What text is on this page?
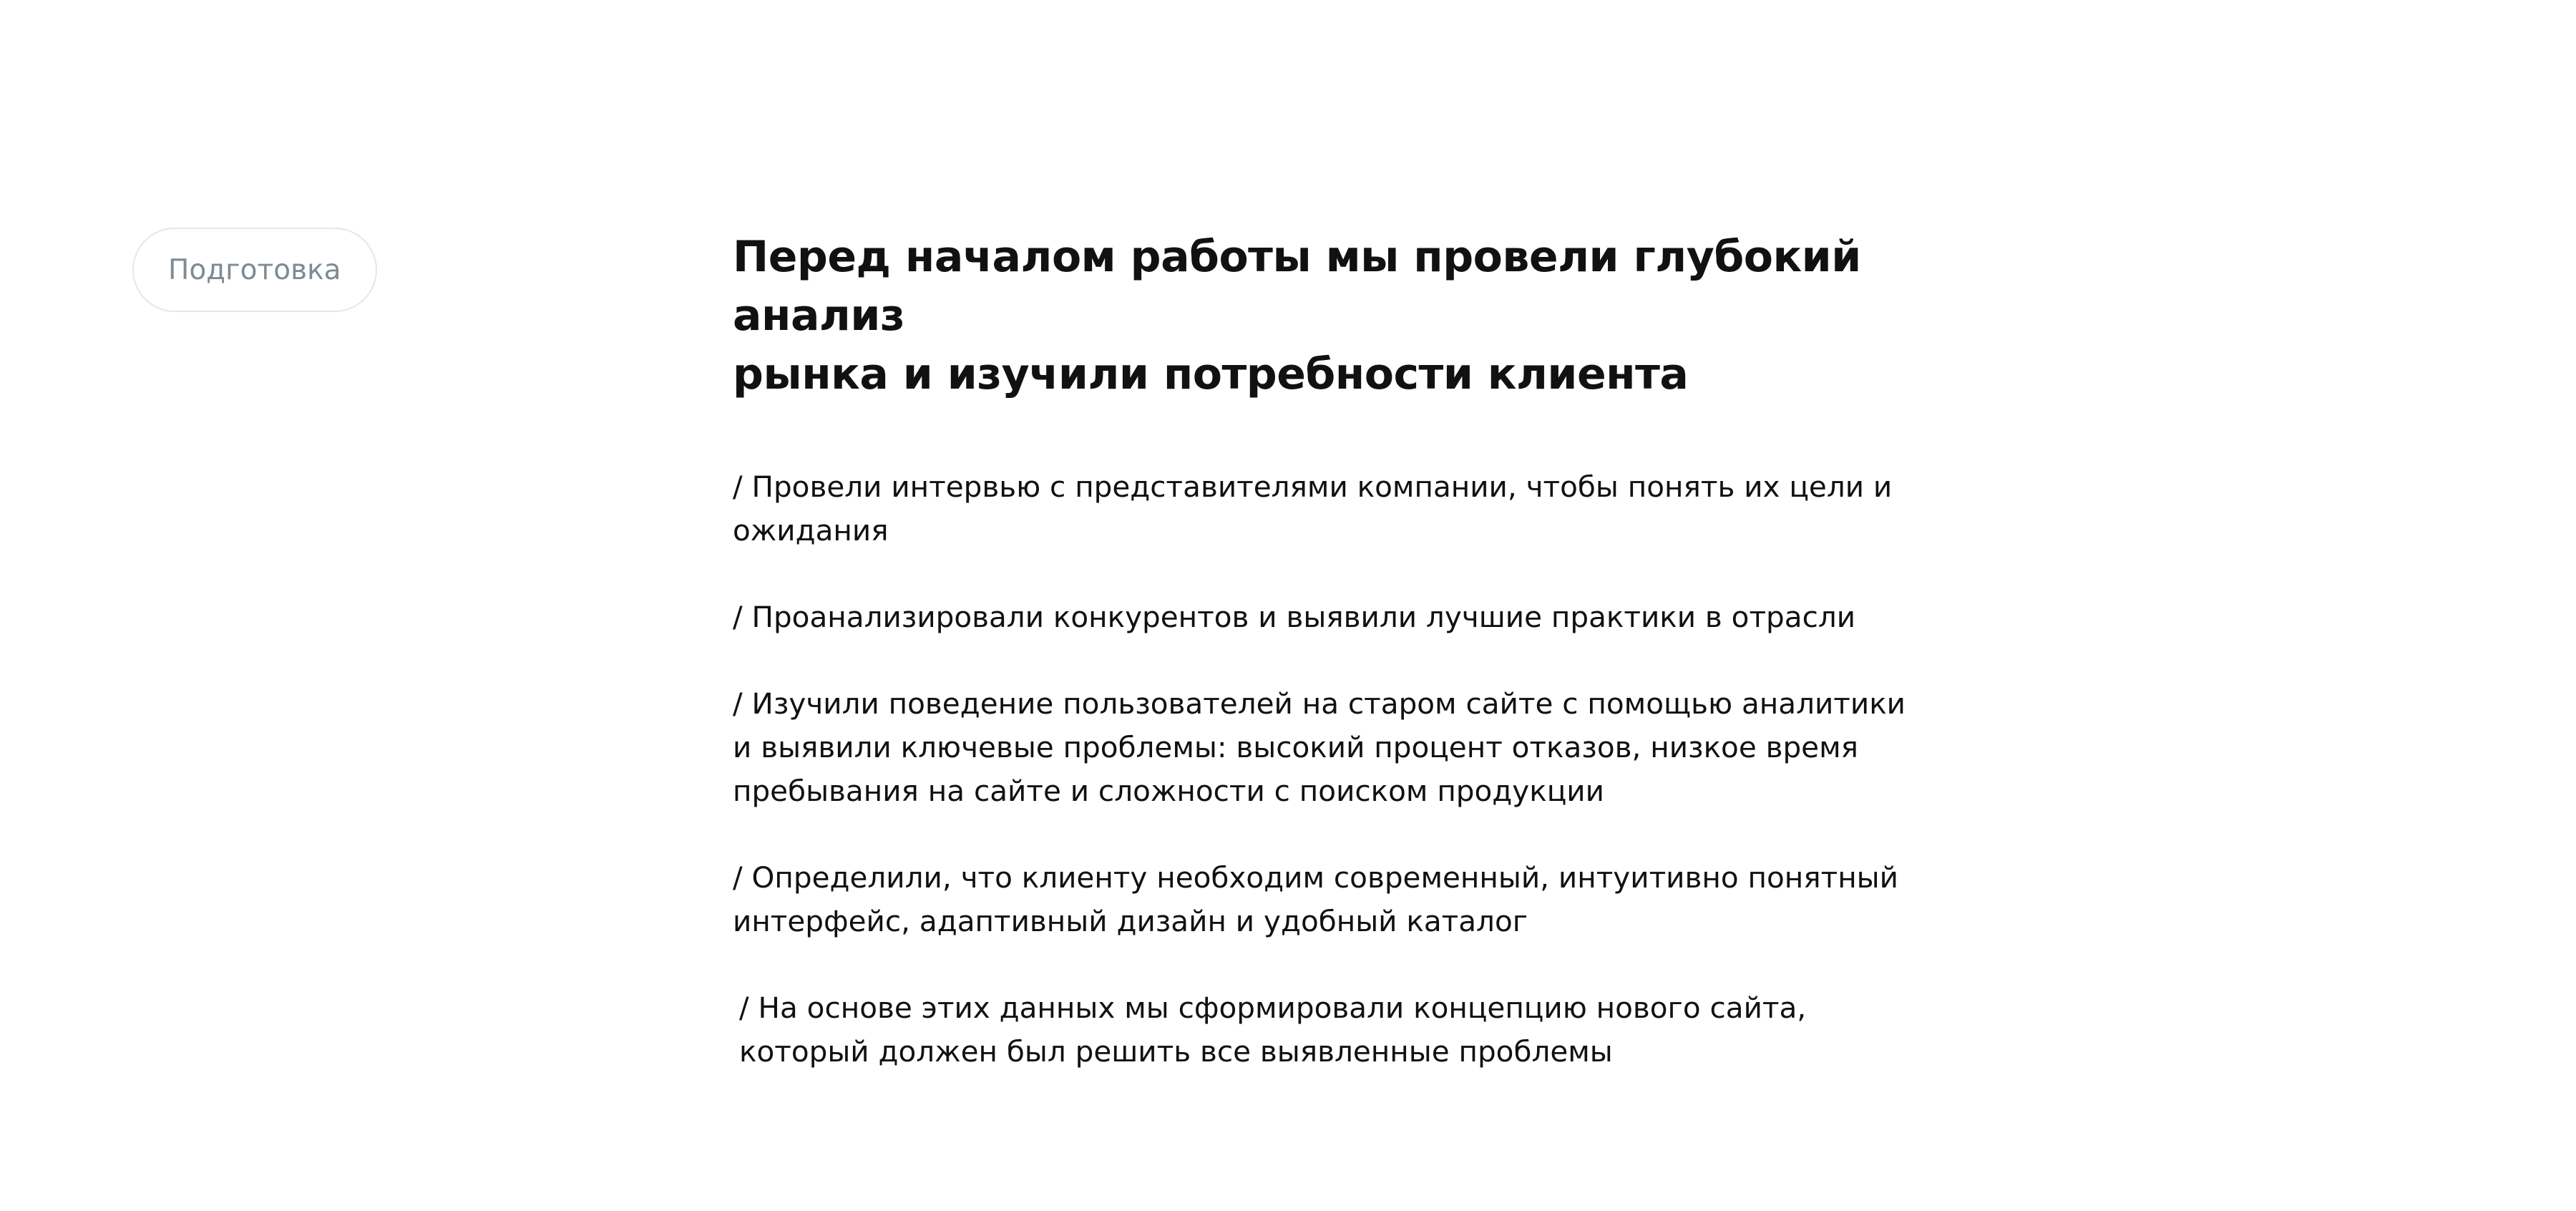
Подготовка	Перед началом работы мы провели глубокий анализ
рынка и изучили потребности клиента
/ Провели интервью с представителями компании, чтобы понять их цели и ожидания
/ Проанализировали конкурентов и выявили лучшие практики в отрасли
/ Изучили поведение пользователей на старом сайте с помощью аналитики
и выявили ключевые проблемы: высокий процент отказов, низкое время
пребывания на сайте и сложности с поиском продукции
/ Определили, что клиенту необходим современный, интуитивно понятный
интерфейс, адаптивный дизайн и удобный каталог
/ На основе этих данных мы сформировали концепцию нового сайта,
который должен был решить все выявленные проблемы
